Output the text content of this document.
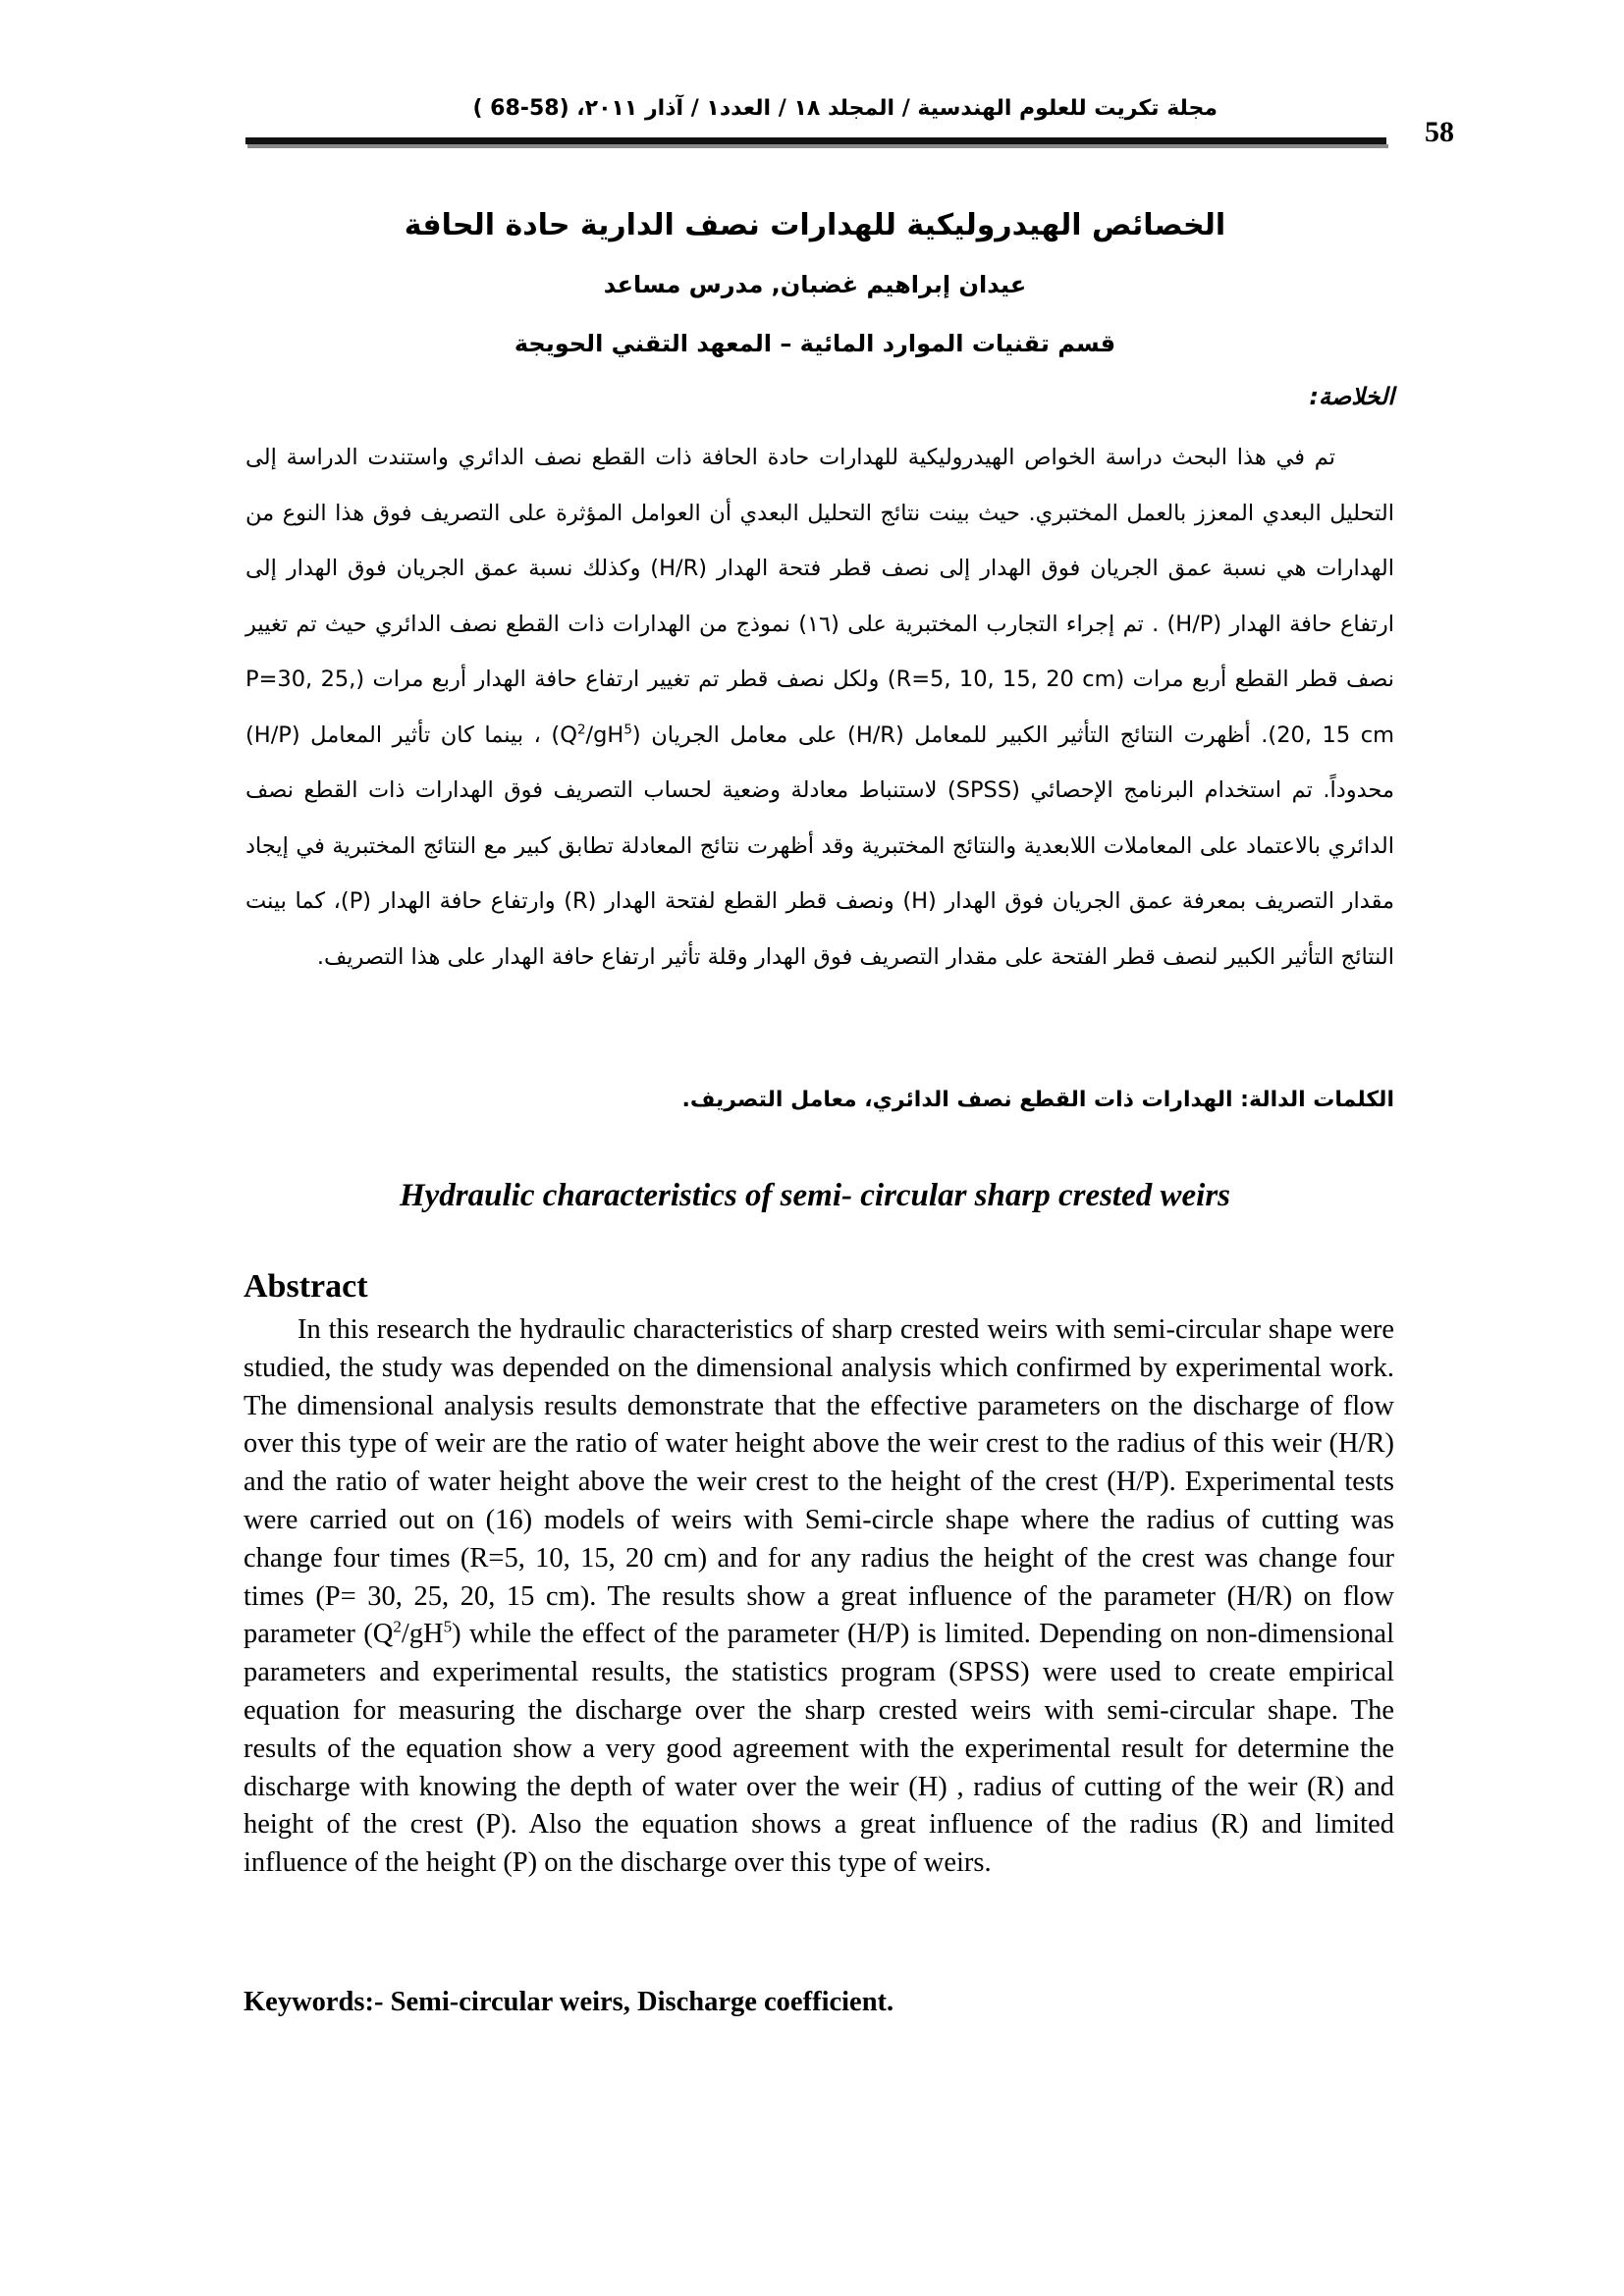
58
مجلة تكريت للعلوم الهندسية / المجلد ١٨ / العدد١ / آذار ٢٠١١، (58-68 )
الخصائص الهيدروليكية للهدارات نصف الدارية حادة الحافة
عيدان إبراهيم غضبان, مدرس مساعد
قسم تقنيات الموارد المائية – المعهد التقني الحويجة
الخلاصة:

تم في هذا البحث دراسة الخواص الهيدروليكية للهدارات حادة الحافة ذات القطع نصف الدائري واستندت الدراسة إلى التحليل البعدي المعزز بالعمل المختبري. حيث بينت نتائج التحليل البعدي أن العوامل المؤثرة على التصريف فوق هذا النوع من الهدارات هي نسبة عمق الجريان فوق الهدار إلى نصف قطر فتحة الهدار (H/R) وكذلك نسبة عمق الجريان فوق الهدار إلى ارتفاع حافة الهدار (H/P) . تم إجراء التجارب المختبرية على (١٦) نموذج من الهدارات ذات القطع نصف الدائري حيث تم تغيير نصف قطر القطع أربع مرات (R=5, 10, 15, 20 cm) ولكل نصف قطر تم تغيير ارتفاع حافة الهدار أربع مرات (P=30, 25, 20, 15 cm). أظهرت النتائج التأثير الكبير للمعامل (H/R) على معامل الجريان $(Q^2/gH^5)$ ، بينما كان تأثير المعامل (H/P) محدوداً. تم استخدام البرنامج الإحصائي (SPSS) لاستنباط معادلة وضعية لحساب التصريف فوق الهدارات ذات القطع نصف الدائري بالاعتماد على المعاملات اللابعدية والنتائج المختبرية وقد أظهرت نتائج المعادلة تطابق كبير مع النتائج المختبرية في إيجاد مقدار التصريف بمعرفة عمق الجريان فوق الهدار (H) ونصف قطر القطع لفتحة الهدار (R) وارتفاع حافة الهدار (P)، كما بينت النتائج التأثير الكبير لنصف قطر الفتحة على مقدار التصريف فوق الهدار وقلة تأثير ارتفاع حافة الهدار على هذا التصريف.

الكلمات الدالة: الهدارات ذات القطع نصف الدائري، معامل التصريف.
Hydraulic characteristics of semi- circular sharp crested weirs
Abstract

In this research the hydraulic characteristics of sharp crested weirs with semi-circular shape were studied, the study was depended on the dimensional analysis which confirmed by experimental work. The dimensional analysis results demonstrate that the effective parameters on the discharge of flow over this type of weir are the ratio of water height above the weir crest to the radius of this weir (H/R) and the ratio of water height above the weir crest to the height of the crest (H/P). Experimental tests were carried out on (16) models of weirs with Semi-circle shape where the radius of cutting was change four times (R=5, 10, 15, 20 cm) and for any radius the height of the crest was change four times (P= 30, 25, 20, 15 cm). The results show a great influence of the parameter (H/R) on flow parameter $(Q^2/gH^5)$ while the effect of the parameter (H/P) is limited. Depending on non-dimensional parameters and experimental results, the statistics program (SPSS) were used to create empirical equation for measuring the discharge over the sharp crested weirs with semi-circular shape. The results of the equation show a very good agreement with the experimental result for determine the discharge with knowing the depth of water over the weir (H) , radius of cutting of the weir (R) and height of the crest (P). Also the equation shows a great influence of the radius (R) and limited influence of the height (P) on the discharge over this type of weirs.

Keywords:- Semi-circular weirs, Discharge coefficient.
